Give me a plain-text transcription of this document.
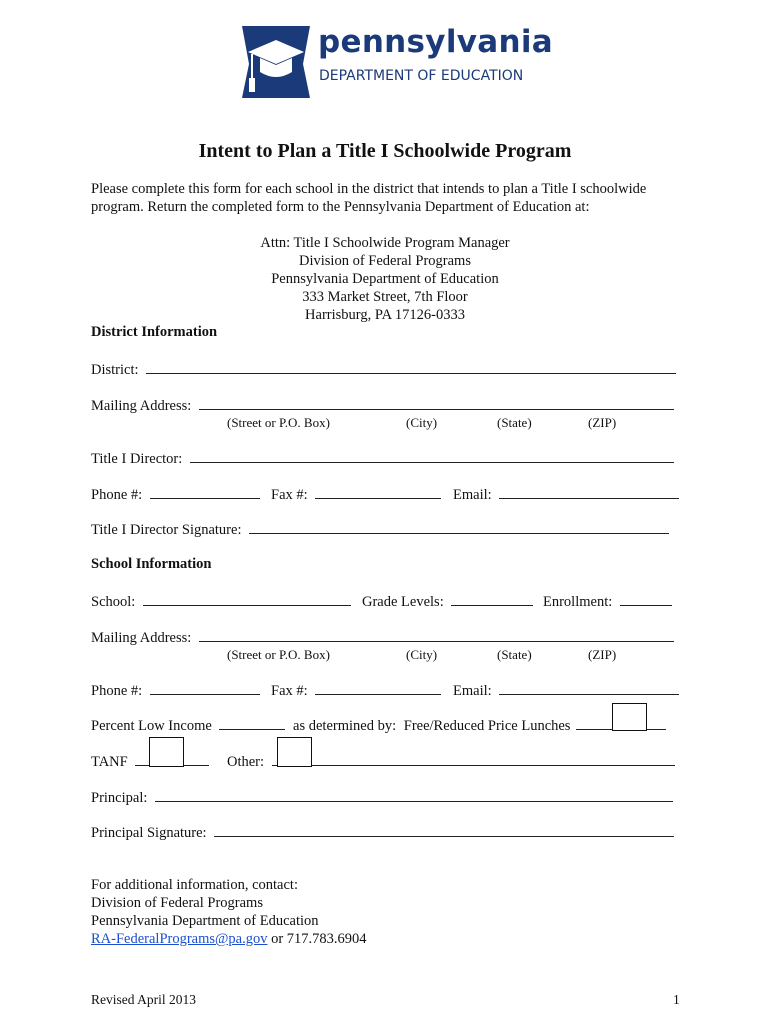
pennsylvania
DEPARTMENT OF EDUCATION
Intent to Plan a Title I Schoolwide Program
Please complete this form for each school in the district that intends to plan a Title I schoolwide
program. Return the completed form to the Pennsylvania Department of Education at:
Attn: Title I Schoolwide Program Manager
Division of Federal Programs
Pennsylvania Department of Education
333 Market Street, 7th Floor
Harrisburg, PA 17126-0333
District Information
District:
Mailing Address:
(Street or P.O. Box)	(City)	(State)	(ZIP)
Title I Director:
Phone #:	Fax #:	Email:
Title I Director Signature:
School Information
School:	Grade Levels:	Enrollment:
Mailing Address:
(Street or P.O. Box)	(City)	(State)	(ZIP)
Phone #:	Fax #:	Email:
Percent Low Income	as determined by: Free/Reduced Price Lunches
TANF	Other:
Principal:
Principal Signature:
For additional information, contact:
Division of Federal Programs
Pennsylvania Department of Education
RA-FederalPrograms@pa.gov or 717.783.6904
Revised April 2013	1
